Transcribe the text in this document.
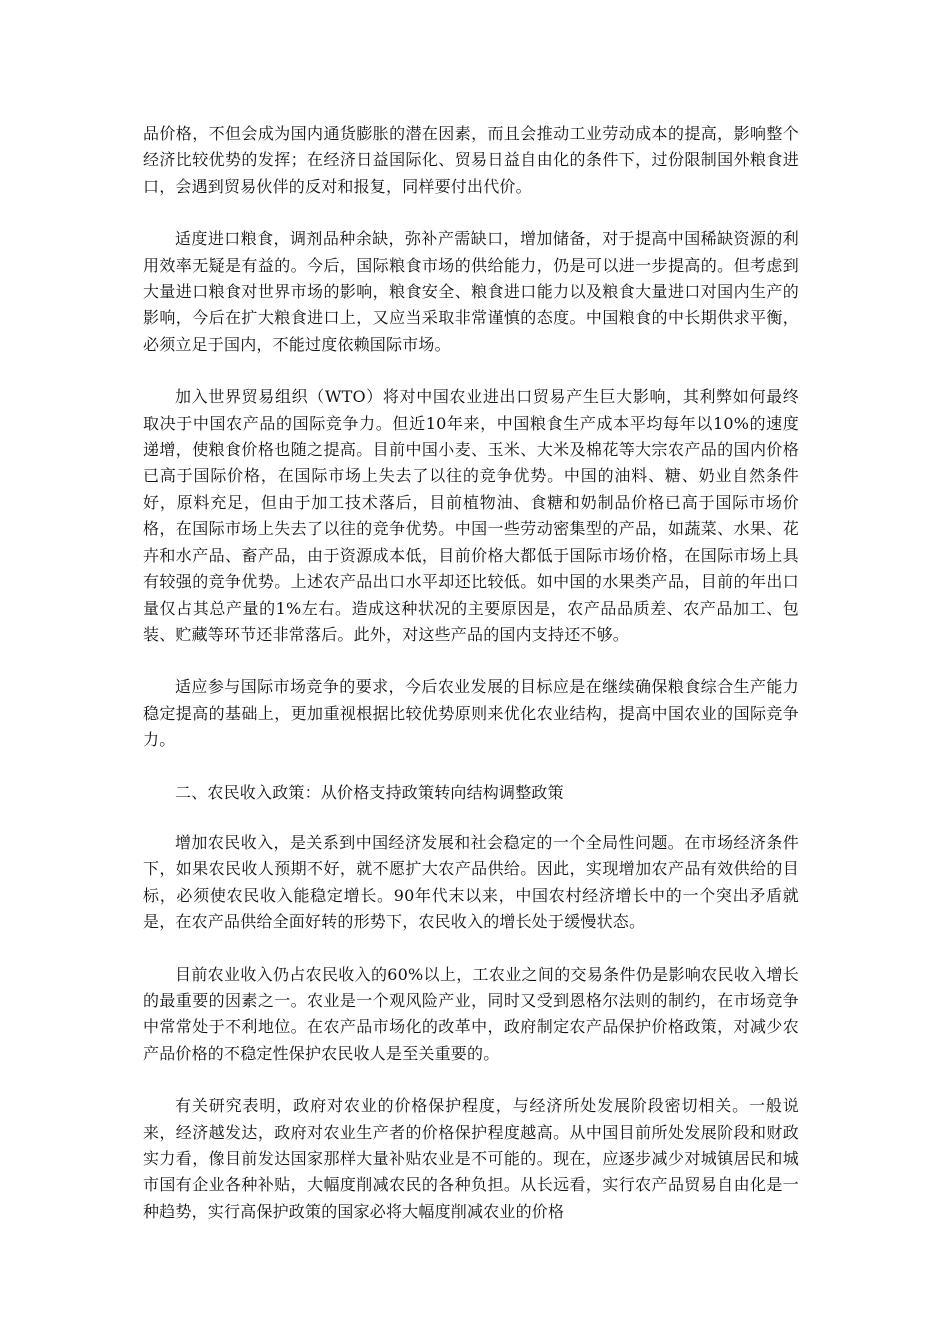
品价格，不但会成为国内通货膨胀的潜在因素，而且会推动工业劳动成本的提高，影响整个经济比较优势的发挥；在经济日益国际化、贸易日益自由化的条件下，过份限制国外粮食进口，会遇到贸易伙伴的反对和报复，同样要付出代价。

适度进口粮食，调剂品种余缺，弥补产需缺口，增加储备，对于提高中国稀缺资源的利用效率无疑是有益的。今后，国际粮食市场的供给能力，仍是可以进一步提高的。但考虑到大量进口粮食对世界市场的影响，粮食安全、粮食进口能力以及粮食大量进口对国内生产的影响，今后在扩大粮食进口上，又应当采取非常谨慎的态度。中国粮食的中长期供求平衡，必须立足于国内，不能过度依赖国际市场。

加入世界贸易组织（WTO）将对中国农业进出口贸易产生巨大影响，其利弊如何最终取决于中国农产品的国际竞争力。但近10年来，中国粮食生产成本平均每年以10%的速度递增，使粮食价格也随之提高。目前中国小麦、玉米、大米及棉花等大宗农产品的国内价格已高于国际价格，在国际市场上失去了以往的竞争优势。中国的油料、糖、奶业自然条件好，原料充足，但由于加工技术落后，目前植物油、食糖和奶制品价格已高于国际市场价格，在国际市场上失去了以往的竞争优势。中国一些劳动密集型的产品，如蔬菜、水果、花卉和水产品、畜产品，由于资源成本低，目前价格大都低于国际市场价格，在国际市场上具有较强的竞争优势。上述农产品出口水平却还比较低。如中国的水果类产品，目前的年出口量仅占其总产量的1%左右。造成这种状况的主要原因是，农产品品质差、农产品加工、包装、贮藏等环节还非常落后。此外，对这些产品的国内支持还不够。

适应参与国际市场竞争的要求，今后农业发展的目标应是在继续确保粮食综合生产能力稳定提高的基础上，更加重视根据比较优势原则来优化农业结构，提高中国农业的国际竞争力。

二、农民收入政策：从价格支持政策转向结构调整政策

增加农民收入，是关系到中国经济发展和社会稳定的一个全局性问题。在市场经济条件下，如果农民收人预期不好，就不愿扩大农产品供给。因此，实现增加农产品有效供给的目标，必须使农民收入能稳定增长。90年代末以来，中国农村经济增长中的一个突出矛盾就是，在农产品供给全面好转的形势下，农民收入的增长处于缓慢状态。

目前农业收入仍占农民收入的60%以上，工农业之间的交易条件仍是影响农民收入增长的最重要的因素之一。农业是一个观风险产业，同时又受到恩格尔法则的制约，在市场竞争中常常处于不利地位。在农产品市场化的改革中，政府制定农产品保护价格政策，对减少农产品价格的不稳定性保护农民收人是至关重要的。

有关研究表明，政府对农业的价格保护程度，与经济所处发展阶段密切相关。一般说来，经济越发达，政府对农业生产者的价格保护程度越高。从中国目前所处发展阶段和财政实力看，像目前发达国家那样大量补贴农业是不可能的。现在，应逐步减少对城镇居民和城市国有企业各种补贴，大幅度削减农民的各种负担。从长远看，实行农产品贸易自由化是一种趋势，实行高保护政策的国家必将大幅度削减农业的价格
